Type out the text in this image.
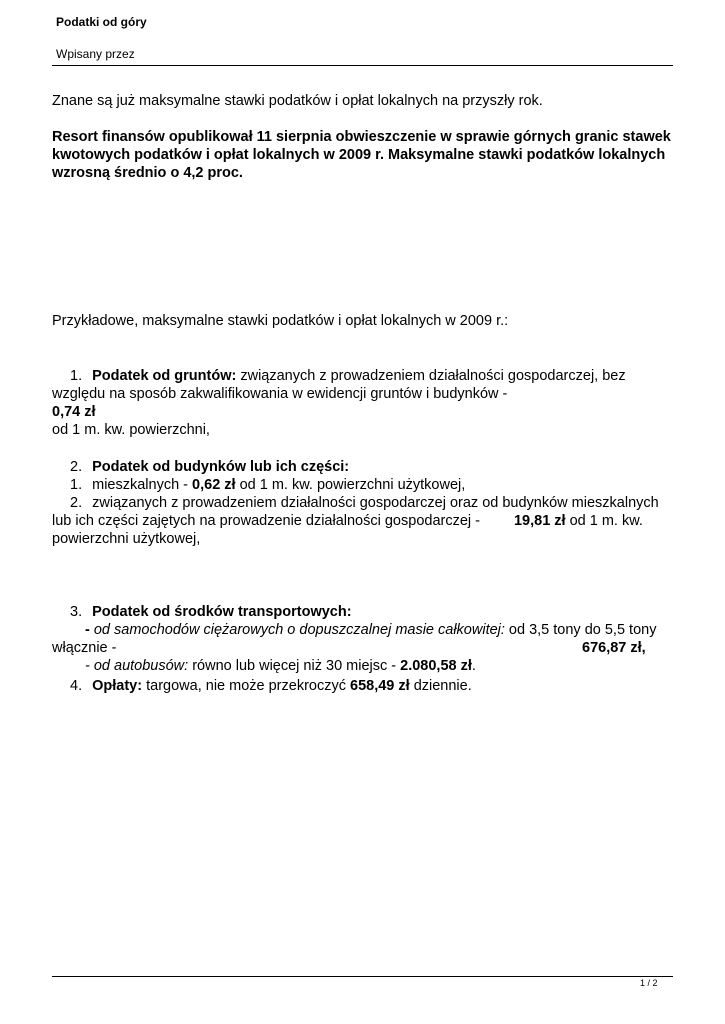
Podatki od góry
Wpisany przez
Znane są już maksymalne stawki podatków i opłat lokalnych na przyszły rok.
Resort finansów opublikował 11 sierpnia obwieszczenie w sprawie górnych granic stawek kwotowych podatków i opłat lokalnych w 2009 r. Maksymalne stawki podatków lokalnych wzrosną średnio o 4,2 proc.
Przykładowe, maksymalne stawki podatków i opłat lokalnych w 2009 r.:
1. Podatek od gruntów: związanych z prowadzeniem działalności gospodarczej, bez względu na sposób zakwalifikowania w ewidencji gruntów i budynków -
0,74 zł
od 1 m. kw. powierzchni,
2. Podatek od budynków lub ich części:
1. mieszkalnych - 0,62 zł od 1 m. kw. powierzchni użytkowej,
2. związanych z prowadzeniem działalności gospodarczej oraz od budynków mieszkalnych lub ich części zajętych na prowadzenie działalności gospodarczej - 19,81 zł od 1 m. kw. powierzchni użytkowej,
3. Podatek od środków transportowych:
- od samochodów ciężarowych o dopuszczalnej masie całkowitej: od 3,5 tony do 5,5 tony włącznie -	676,87 zł,

- od autobusów: równo lub więcej niż 30 miejsc - 2.080,58 zł.
4. Opłaty: targowa, nie może przekroczyć 658,49 zł dziennie.
1 / 2
